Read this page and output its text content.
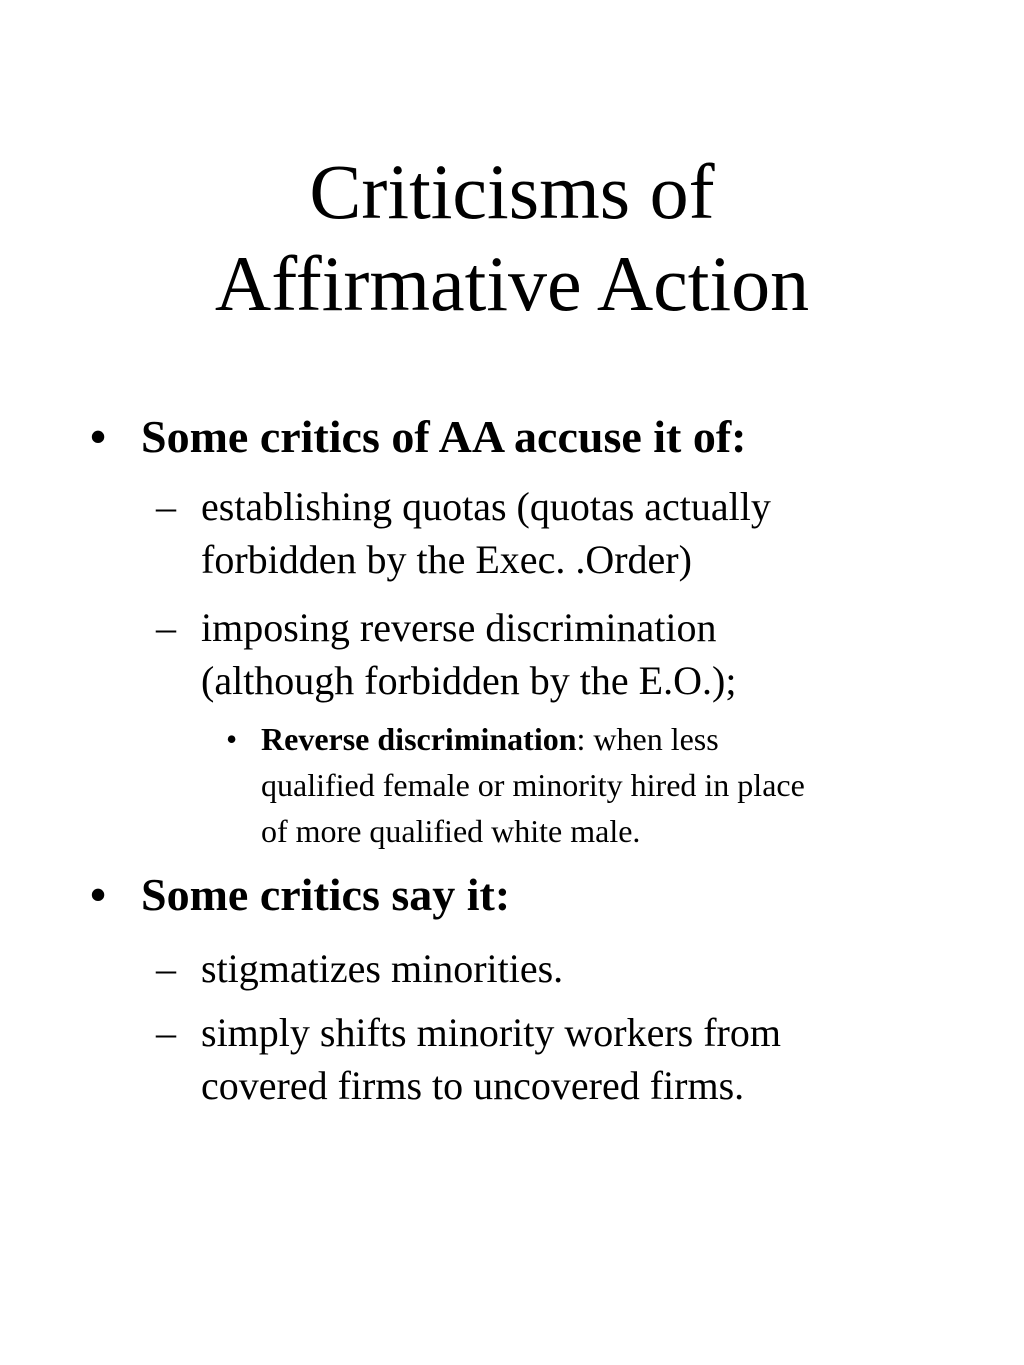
Criticisms of
Affirmative Action
• Some critics of AA accuse it of:
– establishing quotas (quotas actually
forbidden by the Exec. .Order)
– imposing reverse discrimination
(although forbidden by the E.O.);
• Reverse discrimination: when less
qualified female or minority hired in place
of more qualified white male.
• Some critics say it:
– stigmatizes minorities.
– simply shifts minority workers from
covered firms to uncovered firms.
